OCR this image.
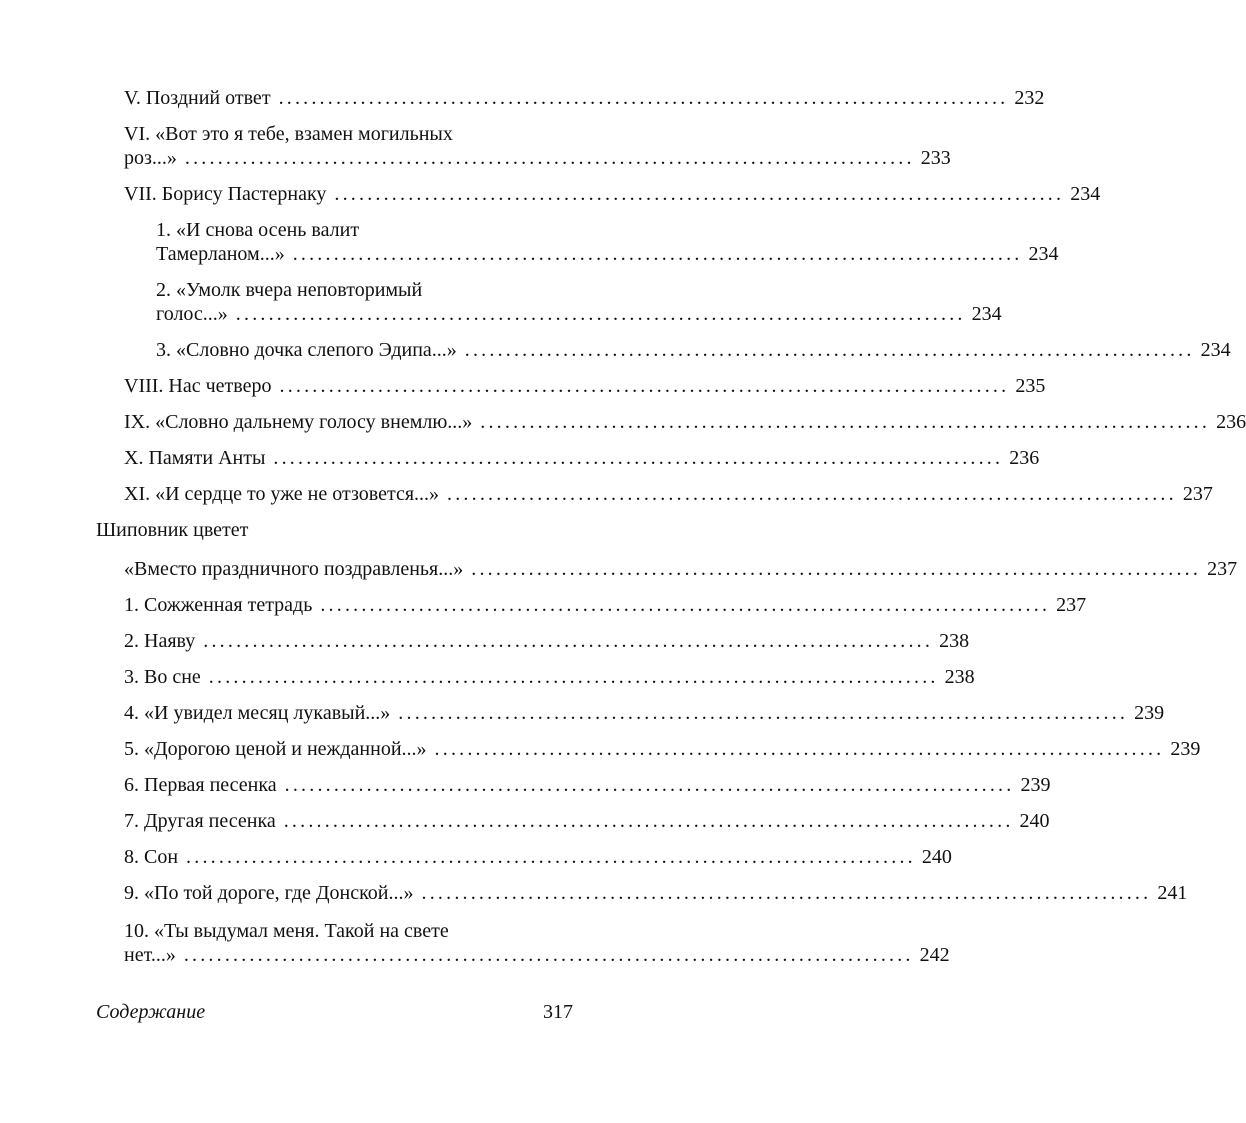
V. Поздний ответ ......................................................................................... 232
VI. «Вот это я тебе, взамен могильных
роз...» ......................................................................................... 233
VII. Борису Пастернаку ......................................................................................... 234
1. «И снова осень валит
Тамерланом...» ......................................................................................... 234
2. «Умолк вчера неповторимый
голос...» ......................................................................................... 234
3. «Словно дочка слепого Эдипа...» ......................................................................................... 234
VIII. Нас четверо ......................................................................................... 235
IX. «Словно дальнему голосу внемлю...» ......................................................................................... 236
X. Памяти Анты ......................................................................................... 236
XI. «И сердце то уже не отзовется...» ......................................................................................... 237
Шиповник цветет
«Вместо праздничного поздравленья...» ......................................................................................... 237
1. Сожженная тетрадь ......................................................................................... 237
2. Наяву ......................................................................................... 238
3. Во сне ......................................................................................... 238
4. «И увидел месяц лукавый...» ......................................................................................... 239
5. «Дорогою ценой и нежданной...» ......................................................................................... 239
6. Первая песенка ......................................................................................... 239
7. Другая песенка ......................................................................................... 240
8. Сон ......................................................................................... 240
9. «По той дороге, где Донской...» ......................................................................................... 241
10. «Ты выдумал меня. Такой на свете
нет...» ......................................................................................... 242
Содержание	317
